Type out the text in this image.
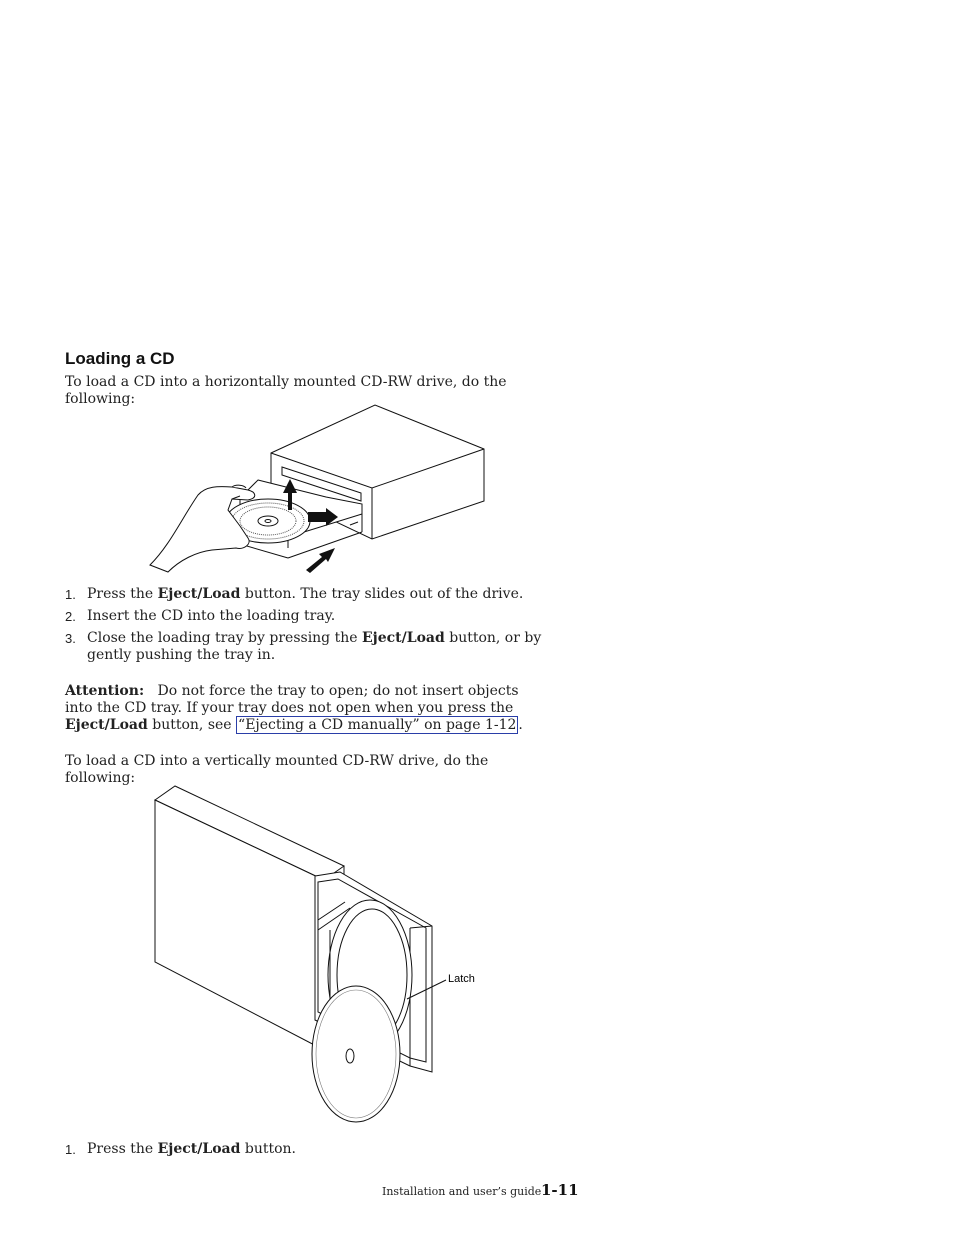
Loading a CD
To load a CD into a horizontally mounted CD-RW drive, do the following:
1. Press the Eject/Load button. The tray slides out of the drive.
2. Insert the CD into the loading tray.
3. Close the loading tray by pressing the Eject/Load button, or by gently pushing the tray in.
Attention: Do not force the tray to open; do not insert objects into the CD tray. If your tray does not open when you press the Eject/Load button, see “Ejecting a CD manually” on page 1-12 .
To load a CD into a vertically mounted CD-RW drive, do the following:
Latch
1. Press the Eject/Load button.
Installation and user’s guide 1-11
